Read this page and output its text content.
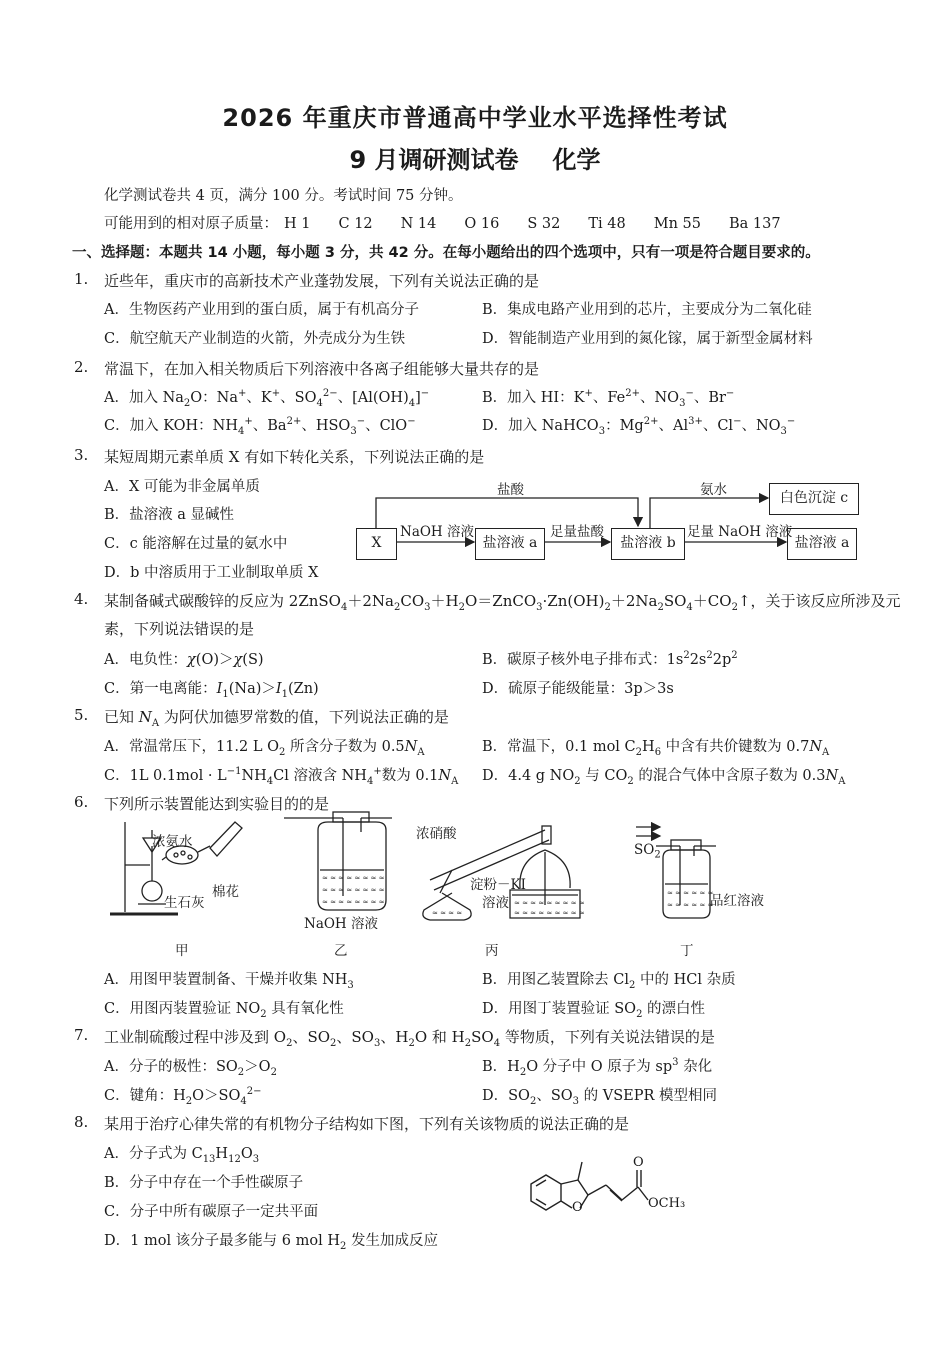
2026 年重庆市普通高中学业水平选择性考试
9 月调研测试卷 化学
化学测试卷共 4 页，满分 100 分。考试时间 75 分钟。
可能用到的相对原子质量： H 1 C 12 N 14 O 16 S 32 Ti 48 Mn 55 Ba 137
一、选择题：本题共 14 小题，每小题 3 分，共 42 分。在每小题给出的四个选项中，只有一项是符合题目要求的。
1. 近些年，重庆市的高新技术产业蓬勃发展，下列有关说法正确的是
A．生物医药产业用到的蛋白质，属于有机高分子	B．集成电路产业用到的芯片，主要成分为二氧化硅
C．航空航天产业制造的火箭，外壳成分为生铁	D．智能制造产业用到的氮化镓，属于新型金属材料
2. 常温下，在加入相关物质后下列溶液中各离子组能够大量共存的是
A．加入 $Na_2O$：Na+、K+、$SO_4^{2-}$、$[Al(OH)_4]^-$	B．加入 HI：K+、$Fe^{2+}$、$NO_3^-$、Br−
C．加入 KOH：$NH_4^+$、$Ba^{2+}$、$HSO_3^-$、ClO−	D．加入 NaHCO$_3$：$Mg^{2+}$、$Al^{3+}$、Cl−、$NO_3^-$
3. 某短周期元素单质 X 有如下转化关系，下列说法正确的是
A．X 可能为非金属单质
B．盐溶液 a 显碱性
C．c 能溶解在过量的氨水中
D．b 中溶质用于工业制取单质 X
X	盐溶液 a	盐溶液 b	盐溶液 a
白色沉淀 c
盐酸	氨水
NaOH 溶液	足量盐酸	足量 NaOH 溶液
4. 某制备碱式碳酸锌的反应为 $2ZnSO_4+2Na_2CO_3+H_2O=ZnCO_3\cdot Zn(OH)_2+2Na_2SO_4+CO_2↑$，关于该反应所涉及元
素，下列说法错误的是
A．电负性：χ(O)＞χ(S)	B．碳原子核外电子排布式：$1s^22s^22p^2$
C．第一电离能：$I_1(Na)>I_1(Zn)$	D．硫原子能级能量：3p＞3s
5. 已知 $N_A$ 为阿伏加德罗常数的值，下列说法正确的是
A．常温常压下，11.2 L $O_2$ 所含分子数为 $0.5N_A$	B．常温下，0.1 mol $C_2H_6$ 中含有共价键数为 $0.7N_A$
C．1L $0.1mol \cdot L^{-1}NH_4Cl$ 溶液含 $NH_4^+$数为 $0.1N_A$ D．4.4 g $NO_2$ 与 $CO_2$ 的混合气体中含原子数为 $0.3N_A$
6. 下列所示装置能达到实验目的的是
≈ ≈ ≈ ≈ ≈ ≈ ≈ ≈
≈ ≈ ≈ ≈ ≈ ≈ ≈ ≈
≈ ≈ ≈ ≈ ≈ ≈ ≈ ≈	≈ ≈ ≈ ≈ ≈ ≈ ≈ ≈ ≈
≈ ≈ ≈ ≈ ≈ ≈ ≈ ≈ ≈
≈ ≈ ≈ ≈ ≈ ≈
≈ ≈ ≈ ≈ ≈ ≈
≈ ≈ ≈ ≈
浓氨水
生石灰
棉花
NaOH 溶液
浓硝酸
淀粉－KI
溶液
$SO_2$
品红溶液
甲	乙	丙	丁
A．用图甲装置制备、干燥并收集 $NH_3$	B．用图乙装置除去 $Cl_2$ 中的 HCl 杂质
C．用图丙装置验证 $NO_2$ 具有氧化性	D．用图丁装置验证 $SO_2$ 的漂白性
7. 工业制硫酸过程中涉及到 $O_2$、$SO_2$、$SO_3$、$H_2O$ 和 $H_2SO_4$ 等物质，下列有关说法错误的是
A．分子的极性：$SO_2>O_2$	B．$H_2O$ 分子中 O 原子为 $sp^3$ 杂化
C．键角：$H_2O>SO_4^{2-}$	D．$SO_2$、$SO_3$ 的 VSEPR 模型相同
8. 某用于治疗心律失常的有机物分子结构如下图，下列有关该物质的说法正确的是
A．分子式为 $C_{13}H_{12}O_3$
B．分子中存在一个手性碳原子
C．分子中所有碳原子一定共平面
D．1 mol 该分子最多能与 6 mol $H_2$ 发生加成反应
O
O
OCH₃
